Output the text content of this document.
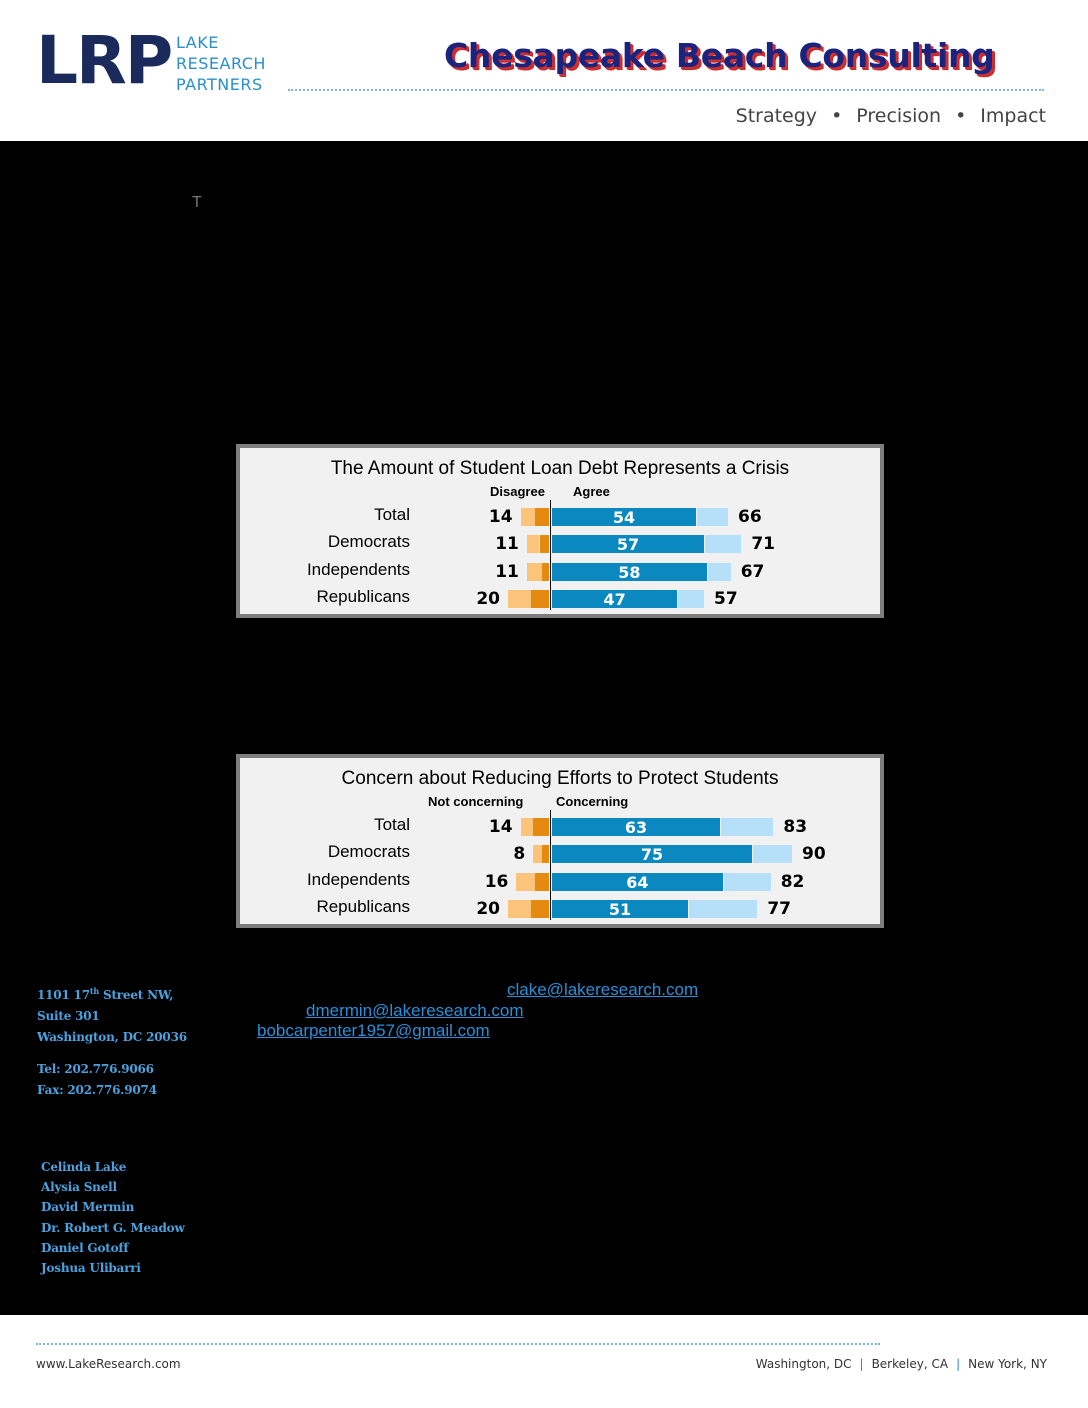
LRP LAKE
RESEARCH
PARTNERS
Chesapeake Beach Consulting
Strategy • Precision • Impact
T
The Amount of Student Loan Debt Represents a Crisis
Disagree Agree
Total	14	54	66
Democrats	11	57	71
Independents	11	58	67
Republicans	20	47	57
Concern about Reducing Efforts to Protect Students
Not concerning	Concerning
Total	14	63	83
Democrats	8	75	90
Independents	16	64	82
Republicans	20	51	77
1101 17th Street NW,
Suite 301
Washington, DC 20036
Tel: 202.776.9066
Fax: 202.776.9074
clake@lakeresearch.com
dmermin@lakeresearch.com
bobcarpenter1957@gmail.com
Celinda Lake
Alysia Snell
David Mermin
Dr. Robert G. Meadow
Daniel Gotoff
Joshua Ulibarri
www.LakeResearch.com	Washington, DC | Berkeley, CA | New York, NY
